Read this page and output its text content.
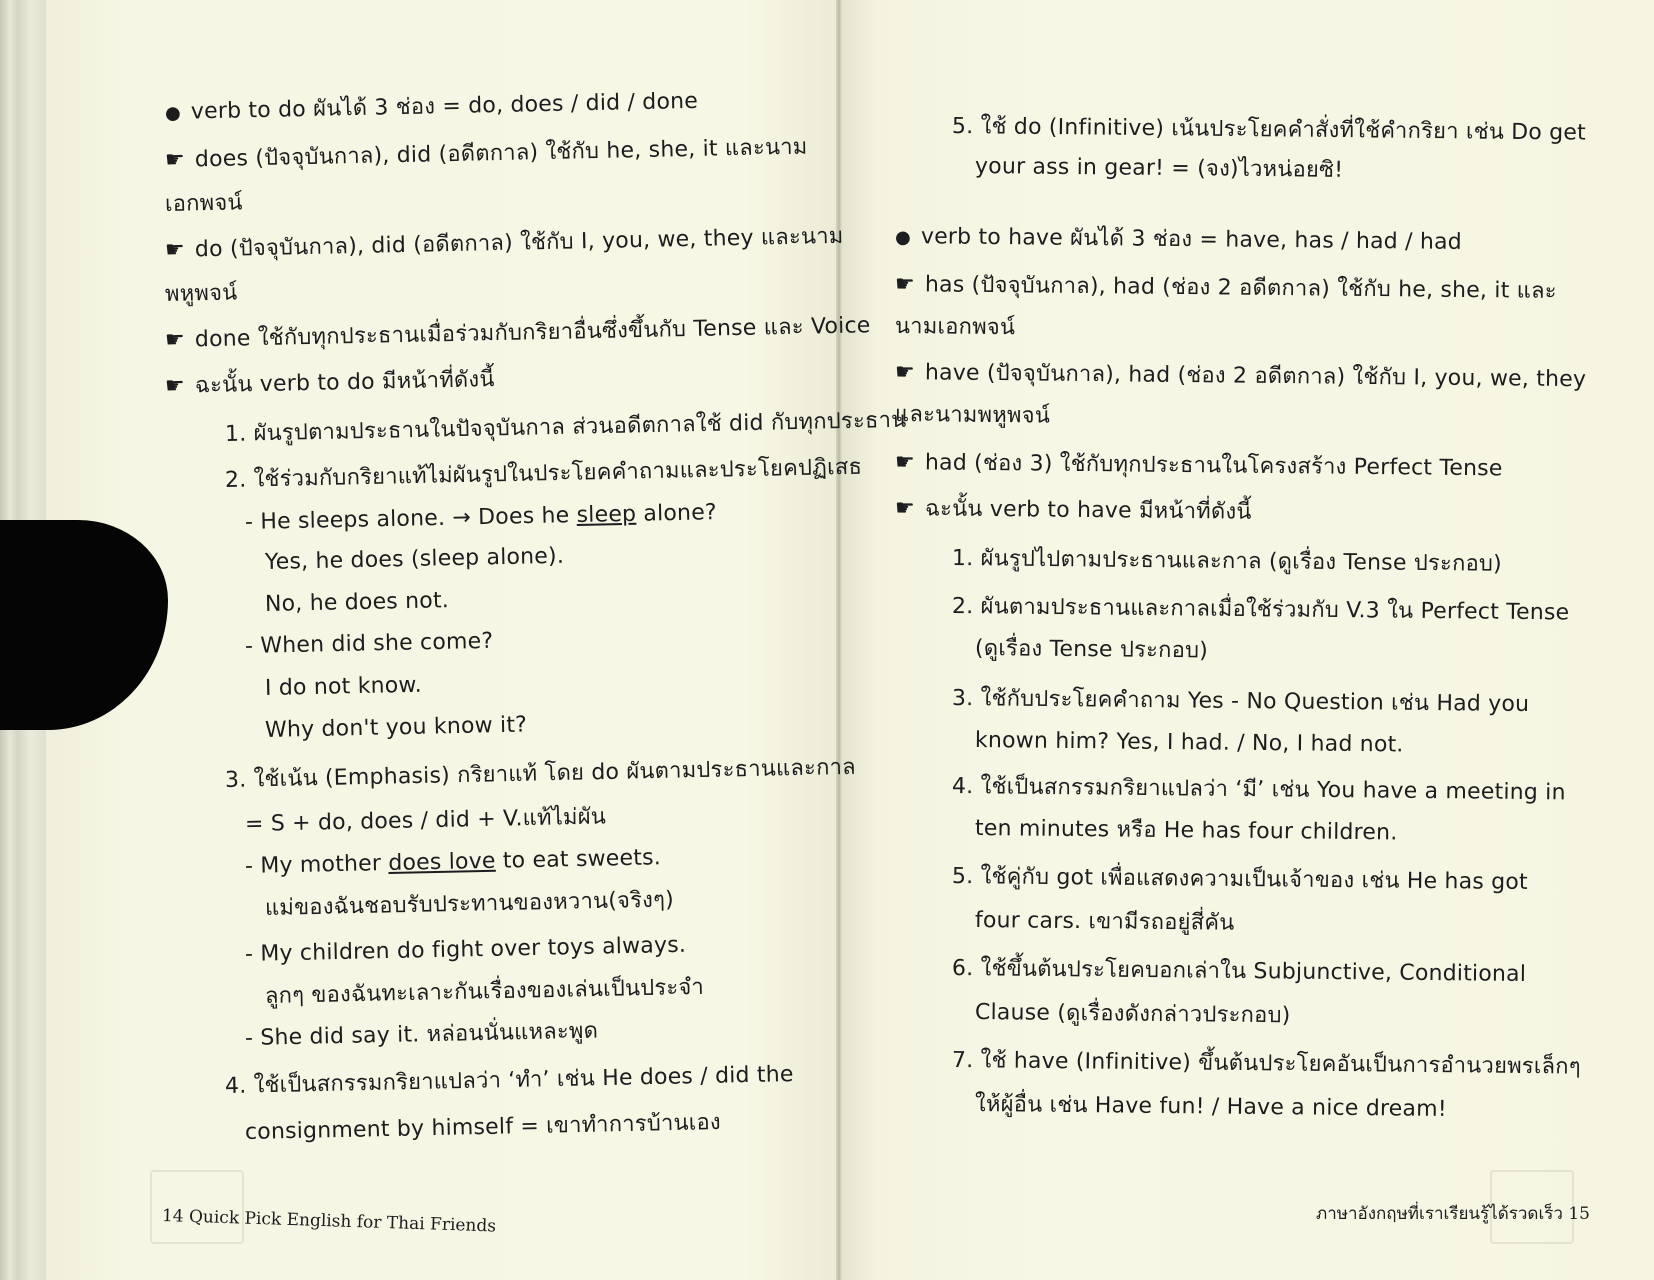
● verb to do ผันได้ 3 ช่อง = do, does / did / done
☛ does (ปัจจุบันกาล), did (อดีตกาล) ใช้กับ he, she, it และนาม
เอกพจน์
☛ do (ปัจจุบันกาล), did (อดีตกาล) ใช้กับ I, you, we, they และนาม
พหูพจน์
☛ done ใช้กับทุกประธานเมื่อร่วมกับกริยาอื่นซึ่งขึ้นกับ Tense และ Voice
☛ ฉะนั้น verb to do มีหน้าที่ดังนี้
1. ผันรูปตามประธานในปัจจุบันกาล ส่วนอดีตกาลใช้ did กับทุกประธาน
2. ใช้ร่วมกับกริยาแท้ไม่ผันรูปในประโยคคำถามและประโยคปฏิเสธ
- He sleeps alone. → Does he sleep alone?
Yes, he does (sleep alone).
No, he does not.
- When did she come?
I do not know.
Why don't you know it?
3. ใช้เน้น (Emphasis) กริยาแท้ โดย do ผันตามประธานและกาล
= S + do, does / did + V.แท้ไม่ผัน
- My mother does love to eat sweets.
แม่ของฉันชอบรับประทานของหวาน(จริงๆ)
- My children do fight over toys always.
ลูกๆ ของฉันทะเลาะกันเรื่องของเล่นเป็นประจำ
- She did say it. หล่อนนั่นแหละพูด
4. ใช้เป็นสกรรมกริยาแปลว่า ‘ทำ’ เช่น He does / did the
consignment by himself = เขาทำการบ้านเอง
14 Quick Pick English for Thai Friends
5. ใช้ do (Infinitive) เน้นประโยคคำสั่งที่ใช้คำกริยา เช่น Do get
your ass in gear! = (จง)ไวหน่อยซิ!
● verb to have ผันได้ 3 ช่อง = have, has / had / had
☛ has (ปัจจุบันกาล), had (ช่อง 2 อดีตกาล) ใช้กับ he, she, it และ
นามเอกพจน์
☛ have (ปัจจุบันกาล), had (ช่อง 2 อดีตกาล) ใช้กับ I, you, we, they
และนามพหูพจน์
☛ had (ช่อง 3) ใช้กับทุกประธานในโครงสร้าง Perfect Tense
☛ ฉะนั้น verb to have มีหน้าที่ดังนี้
1. ผันรูปไปตามประธานและกาล (ดูเรื่อง Tense ประกอบ)
2. ผันตามประธานและกาลเมื่อใช้ร่วมกับ V.3 ใน Perfect Tense
(ดูเรื่อง Tense ประกอบ)
3. ใช้กับประโยคคำถาม Yes - No Question เช่น Had you
known him? Yes, I had. / No, I had not.
4. ใช้เป็นสกรรมกริยาแปลว่า ‘มี’ เช่น You have a meeting in
ten minutes หรือ He has four children.
5. ใช้คู่กับ got เพื่อแสดงความเป็นเจ้าของ เช่น He has got
four cars. เขามีรถอยู่สี่คัน
6. ใช้ขึ้นต้นประโยคบอกเล่าใน Subjunctive, Conditional
Clause (ดูเรื่องดังกล่าวประกอบ)
7. ใช้ have (Infinitive) ขึ้นต้นประโยคอันเป็นการอำนวยพรเล็กๆ
ให้ผู้อื่น เช่น Have fun! / Have a nice dream!
ภาษาอังกฤษที่เราเรียนรู้ได้รวดเร็ว 15
